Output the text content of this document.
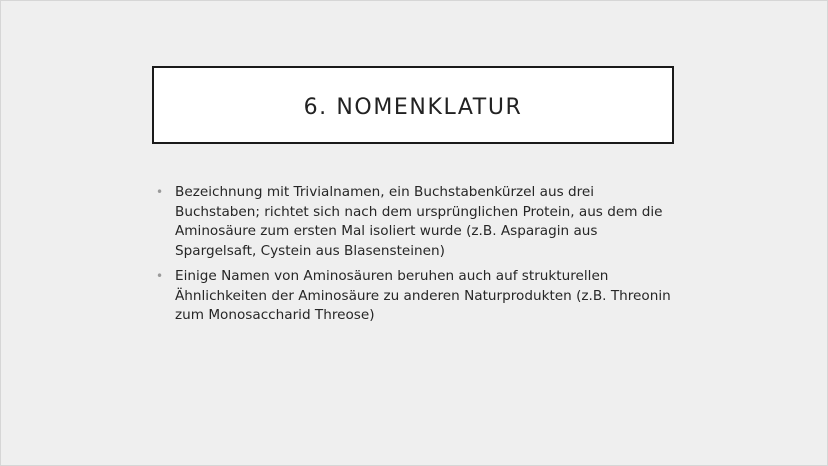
6. NOMENKLATUR
• Bezeichnung mit Trivialnamen, ein Buchstabenkürzel aus drei Buchstaben; richtet sich nach dem ursprünglichen Protein, aus dem die Aminosäure zum ersten Mal isoliert wurde (z.B. Asparagin aus Spargelsaft, Cystein aus Blasensteinen)
• Einige Namen von Aminosäuren beruhen auch auf strukturellen Ähnlichkeiten der Aminosäure zu anderen Naturprodukten (z.B. Threonin zum Monosaccharid Threose)
